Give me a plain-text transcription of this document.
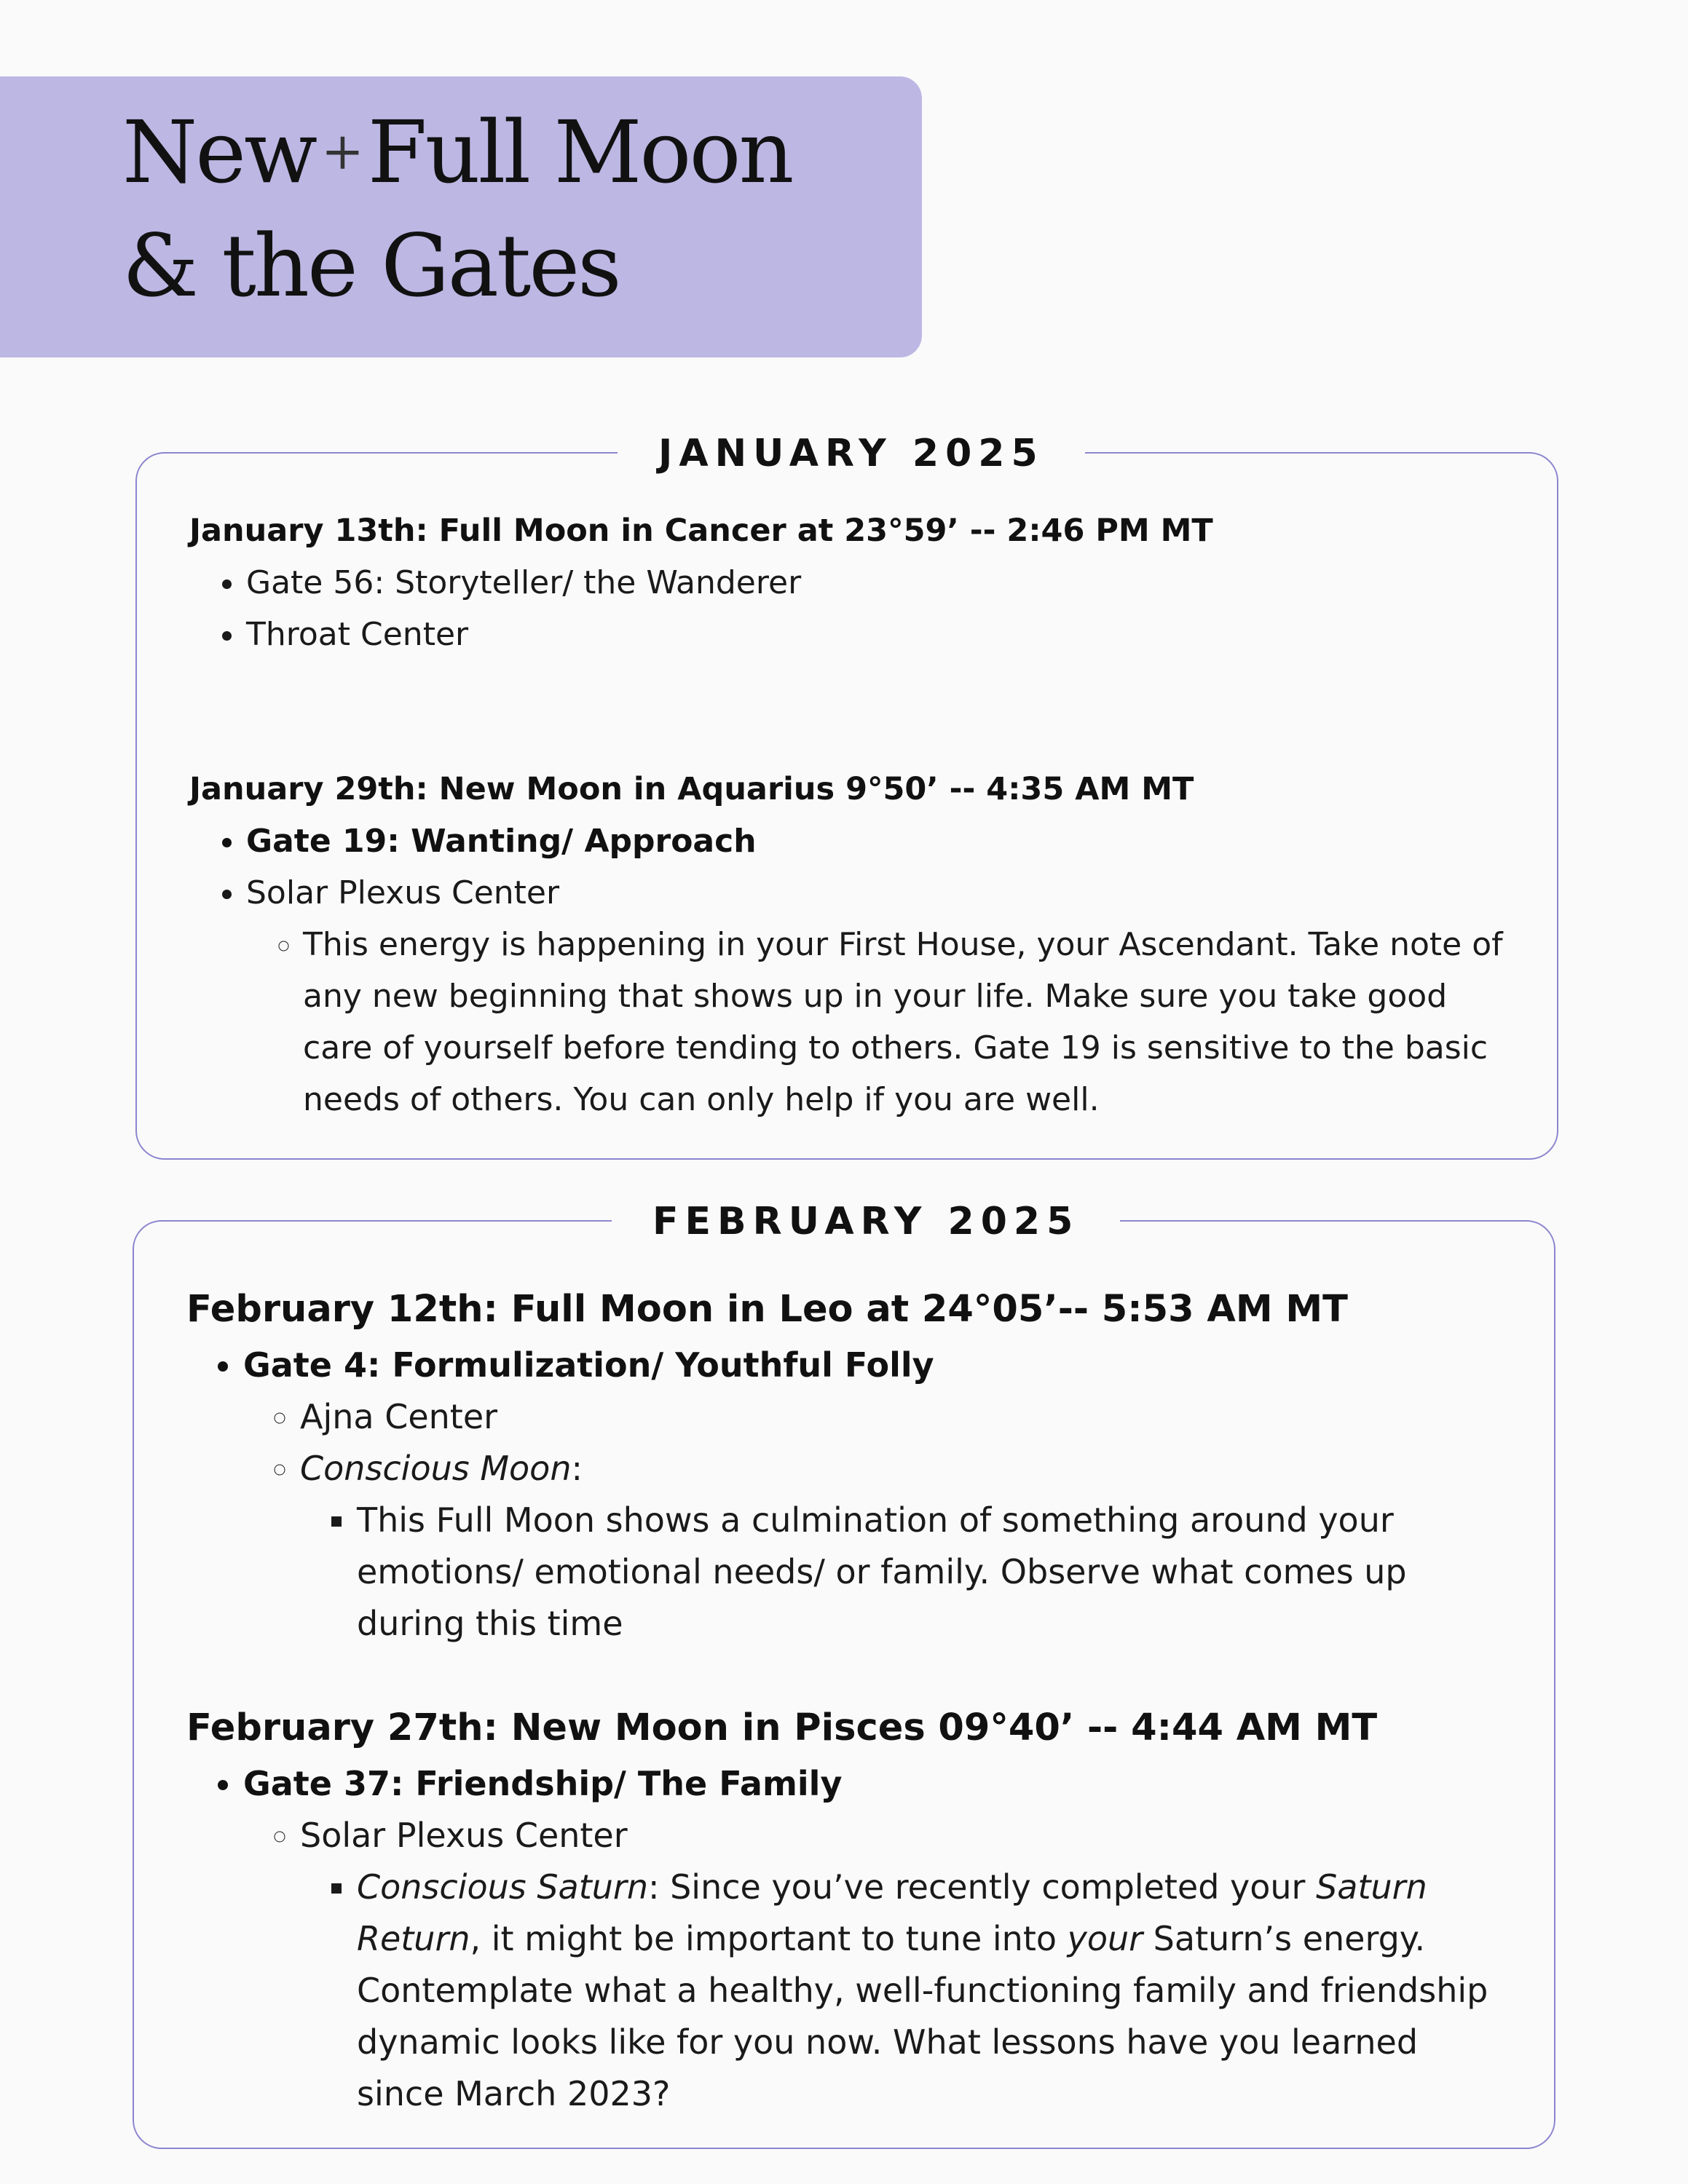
New +Full Moon
& the Gates
JANUARY 2025

January 13th: Full Moon in Cancer at 23°59’ -- 2:46 PM MT

• Gate 56: Storyteller/ the Wanderer
• Throat Center

January 29th: New Moon in Aquarius 9°50’ -- 4:35 AM MT

• Gate 19: Wanting/ Approach
• Solar Plexus Center
◦ This energy is happening in your First House, your Ascendant. Take note of any new beginning that shows up in your life. Make sure you take good care of yourself before tending to others. Gate 19 is sensitive to the basic needs of others. You can only help if you are well.
FEBRUARY 2025

February 12th: Full Moon in Leo at 24°05’-- 5:53 AM MT

• Gate 4: Formulization/ Youthful Folly
◦ Ajna Center
◦ Conscious Moon:
▪ This Full Moon shows a culmination of something around your emotions/ emotional needs/ or family. Observe what comes up during this time

February 27th: New Moon in Pisces 09°40’ -- 4:44 AM MT

• Gate 37: Friendship/ The Family
◦ Solar Plexus Center
▪ Conscious Saturn: Since you’ve recently completed your Saturn Return, it might be important to tune into your Saturn’s energy. Contemplate what a healthy, well-functioning family and friendship dynamic looks like for you now. What lessons have you learned since March 2023?
